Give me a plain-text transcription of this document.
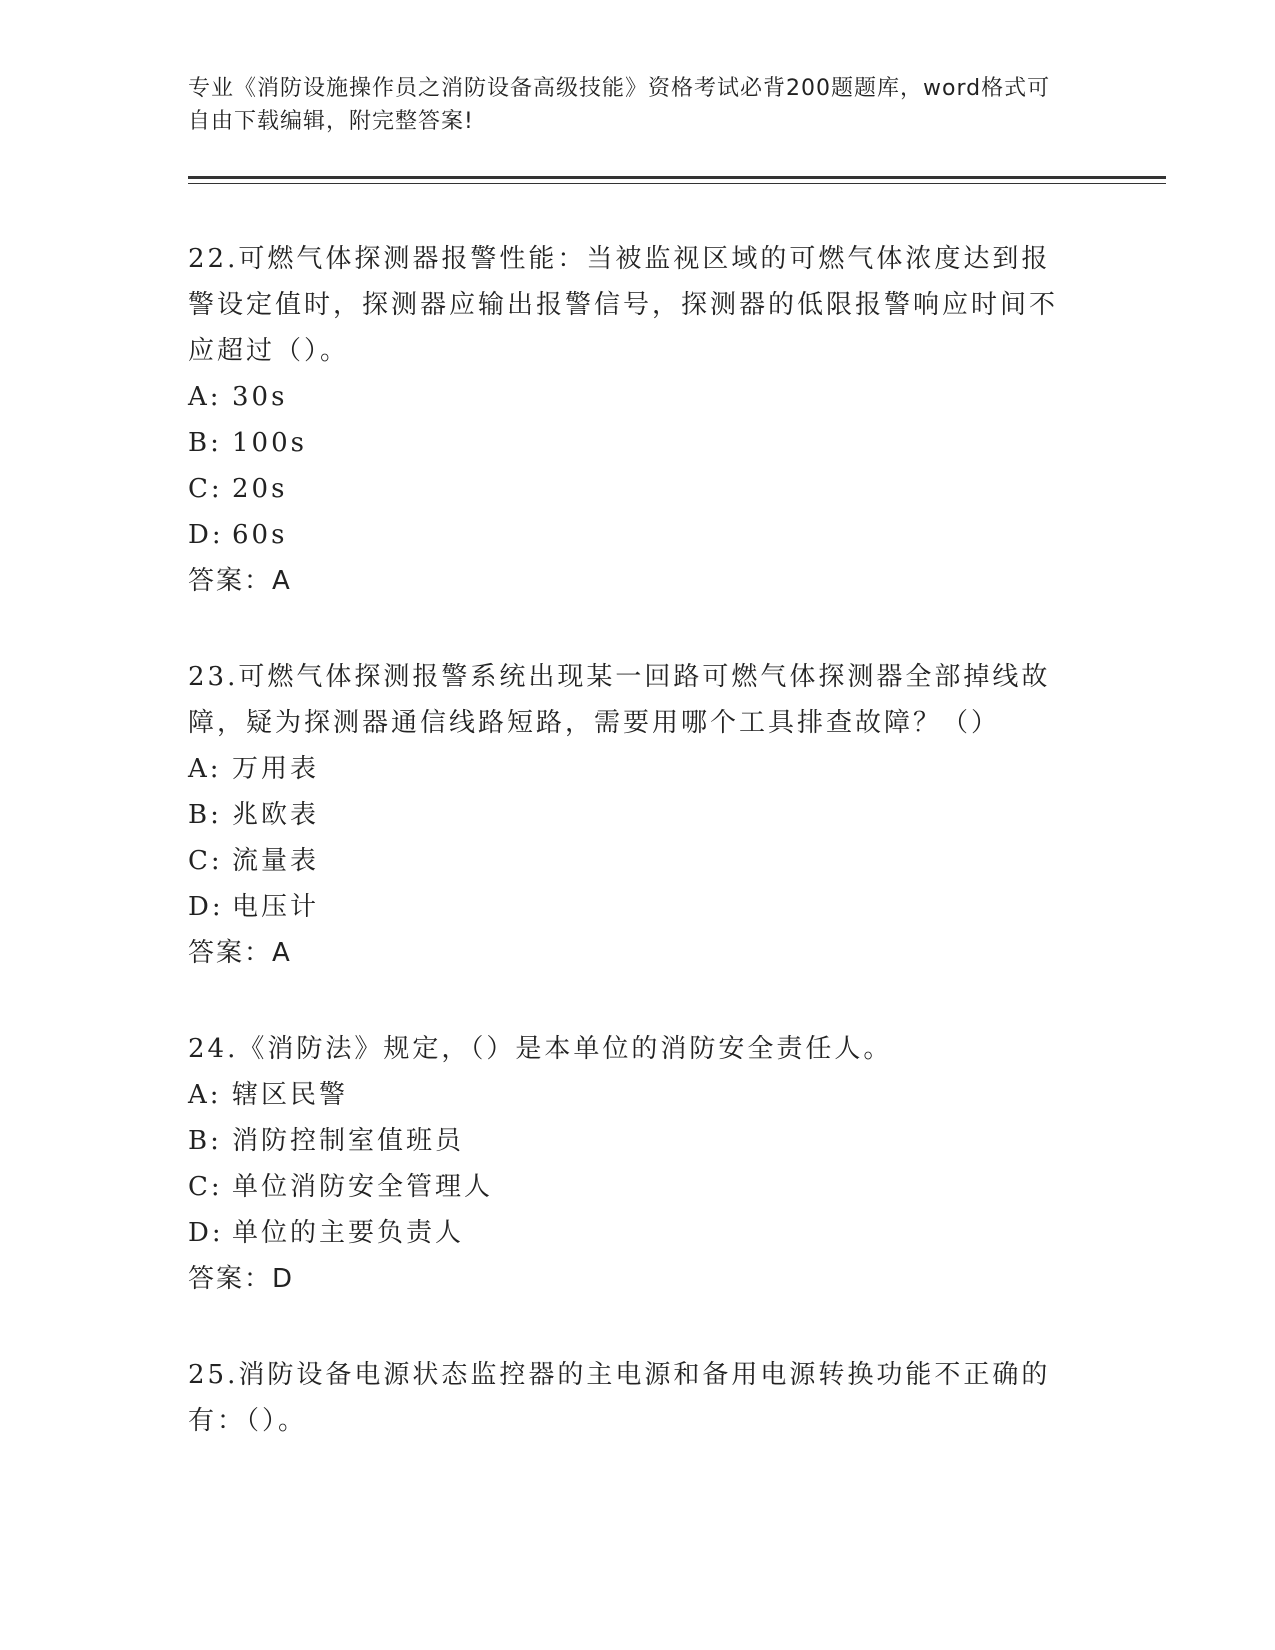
专业《消防设施操作员之消防设备高级技能》资格考试必背200题题库，word格式可自由下载编辑，附完整答案!

22.可燃气体探测器报警性能：当被监视区域的可燃气体浓度达到报警设定值时，探测器应输出报警信号，探测器的低限报警响应时间不应超过（）。

A: 30s

B: 100s

C: 20s

D: 60s

答案：A

23.可燃气体探测报警系统出现某一回路可燃气体探测器全部掉线故障，疑为探测器通信线路短路，需要用哪个工具排查故障？（）

A: 万用表

B: 兆欧表

C: 流量表

D: 电压计

答案：A

24.《消防法》规定，（）是本单位的消防安全责任人。

A: 辖区民警

B: 消防控制室值班员

C: 单位消防安全管理人

D: 单位的主要负责人

答案：D

25.消防设备电源状态监控器的主电源和备用电源转换功能不正确的有：（）。
